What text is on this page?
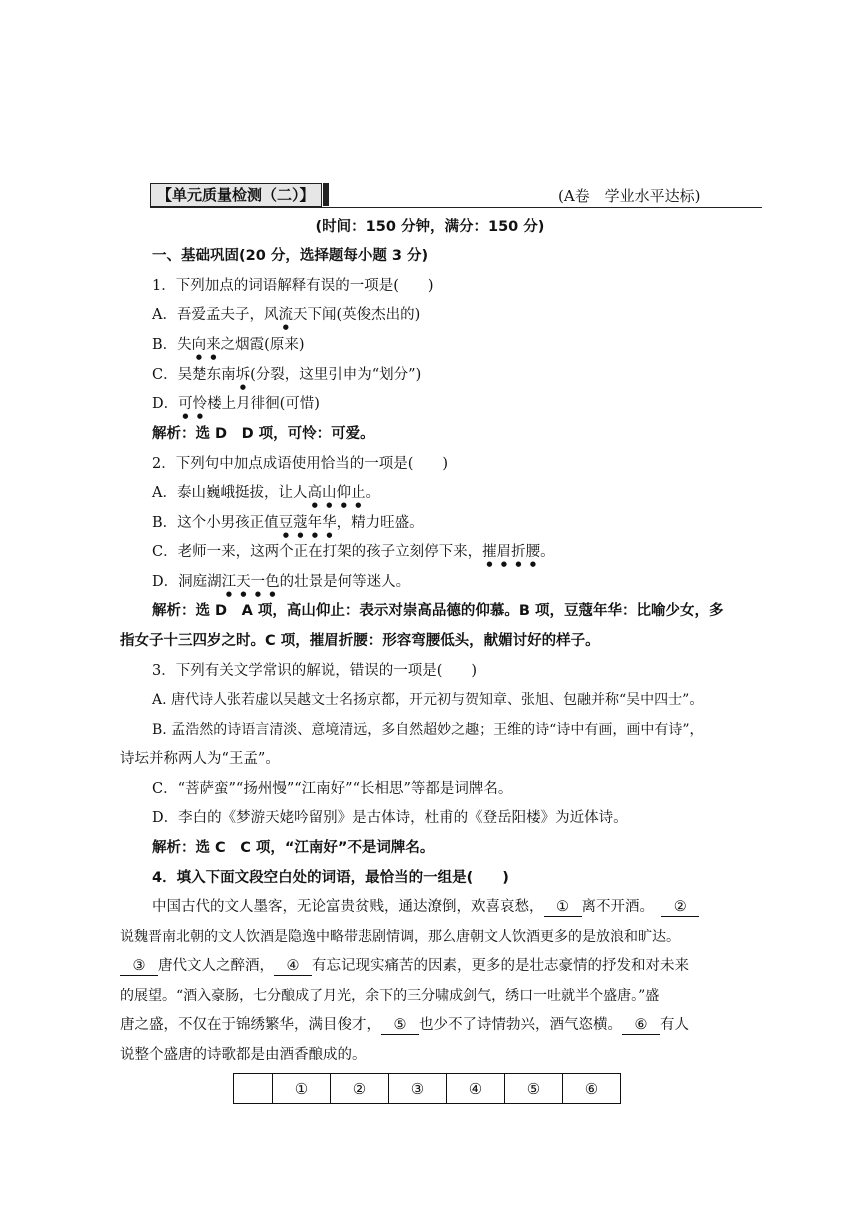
【单元质量检测（二）】	(A卷　学业水平达标)
(时间：150 分钟，满分：150 分)
一、基础巩固(20 分，选择题每小题 3 分)
1．下列加点的词语解释有误的一项是(　　)
A．吾爱孟夫子，风流天下闻(英俊杰出的)
B．失向来之烟霞(原来)
C．吴楚东南坼(分裂，这里引申为“划分”)
D．可怜楼上月徘徊(可惜)
解析：选 D　D 项，可怜：可爱。
2．下列句中加点成语使用恰当的一项是(　　)
A．泰山巍峨挺拔，让人高山仰止。
B．这个小男孩正值豆蔻年华，精力旺盛。
C．老师一来，这两个正在打架的孩子立刻停下来，摧眉折腰。
D．洞庭湖江天一色的壮景是何等迷人。
解析：选 D　A 项，高山仰止：表示对崇高品德的仰慕。B 项，豆蔻年华：比喻少女，多
指女子十三四岁之时。C 项，摧眉折腰：形容弯腰低头，献媚讨好的样子。
3．下列有关文学常识的解说，错误的一项是(　　)
A. 唐代诗人张若虚以吴越文士名扬京都，开元初与贺知章、张旭、包融并称“吴中四士”。
B. 孟浩然的诗语言清淡、意境清远，多自然超妙之趣；王维的诗“诗中有画，画中有诗”，
诗坛并称两人为“王孟”。
C．“菩萨蛮”“扬州慢”“江南好”“长相思”等都是词牌名。
D．李白的《梦游天姥吟留别》是古体诗，杜甫的《登岳阳楼》为近体诗。
解析：选 C　C 项，“江南好”不是词牌名。
4．填入下面文段空白处的词语，最恰当的一组是(　　)
中国古代的文人墨客，无论富贵贫贱，通达潦倒，欢喜哀愁， ① 离不开酒。　 ②
说魏晋南北朝的文人饮酒是隐逸中略带悲剧情调，那么唐朝文人饮酒更多的是放浪和旷达。
③ 唐代文人之醉酒， ④ 有忘记现实痛苦的因素，更多的是壮志豪情的抒发和对未来
的展望。“酒入豪肠，七分酿成了月光，余下的三分啸成剑气，绣口一吐就半个盛唐。”盛
唐之盛，不仅在于锦绣繁华，满目俊才， ⑤ 也少不了诗情勃兴，酒气恣横。 ⑥ 有人
说整个盛唐的诗歌都是由酒香酿成的。
	①	②	③	④	⑤	⑥
